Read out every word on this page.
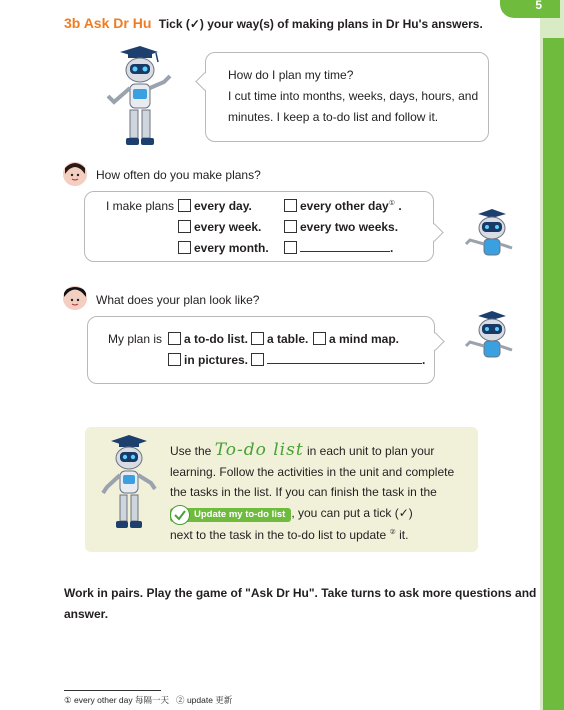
5
3b Ask Dr Hu Tick (✓) your way(s) of making plans in Dr Hu's answers.
How do I plan my time?
I cut time into months, weeks, days, hours, and
minutes. I keep a to-do list and follow it.
How often do you make plans?
I make plans	every day.	every other day① .
every week.	every two weeks.
every month.	.
What does your plan look like?
My plan is	a to-do list.	a table.	a mind map.
in pictures.	.
Use the To-do list in each unit to plan your
learning. Follow the activities in the unit and complete
the tasks in the list. If you can finish the task in the
Update my to-do list , you can put a tick (✓)
next to the task in the to-do list to update ② it.
Work in pairs. Play the game of "Ask Dr Hu". Take turns to ask more questions and
answer.
① every other day 每隔一天 ② update 更新
